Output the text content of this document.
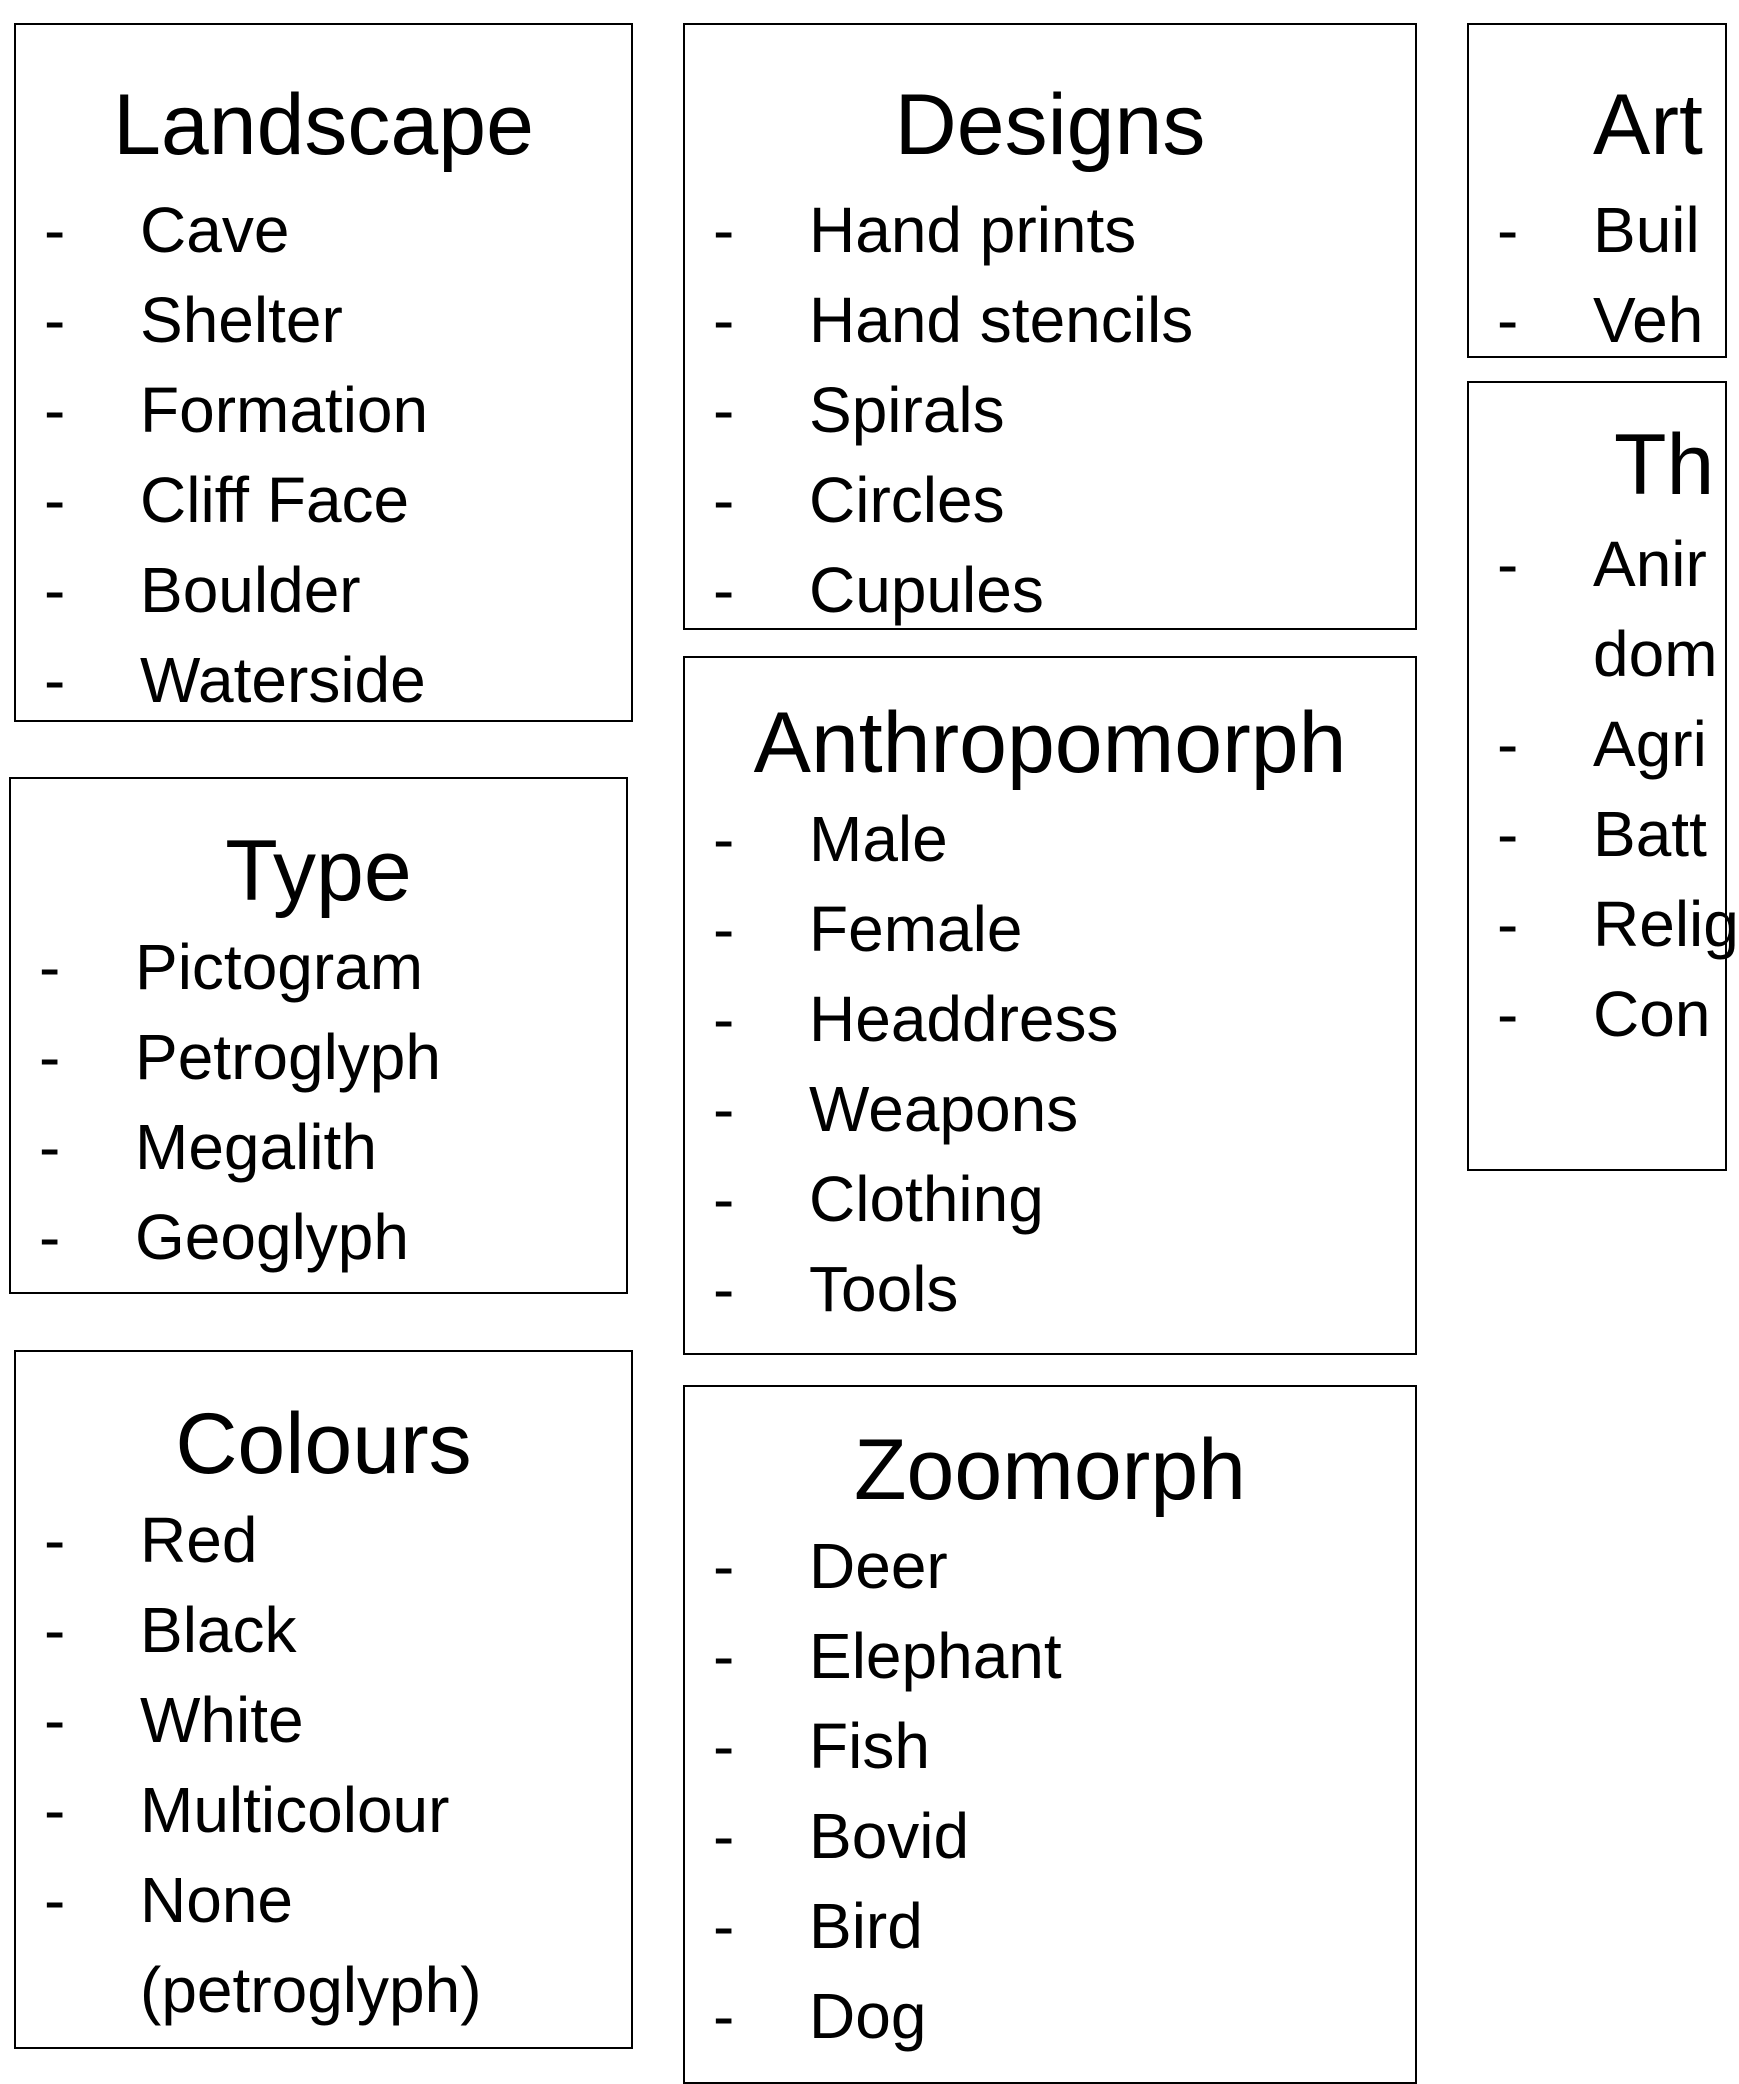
Landscape
- Cave

- Shelter

- Formation

- Cliff Face

- Boulder

- Waterside

Type
- Pictogram

- Petroglyph

- Megalith

- Geoglyph

Colours
- Red

- Black

- White

- Multicolour

- None (petroglyph)

Designs
- Hand prints

- Hand stencils

- Spirals

- Circles

- Cupules

Anthropomorph
- Male

- Female

- Headdress

- Weapons

- Clothing

- Tools

Zoomorph
- Deer

- Elephant

- Fish

- Bovid

- Bird

- Dog

Art
- Buil

- Veh

Th
- Anir dom

- Agri

- Batt

- Relig

- Con
